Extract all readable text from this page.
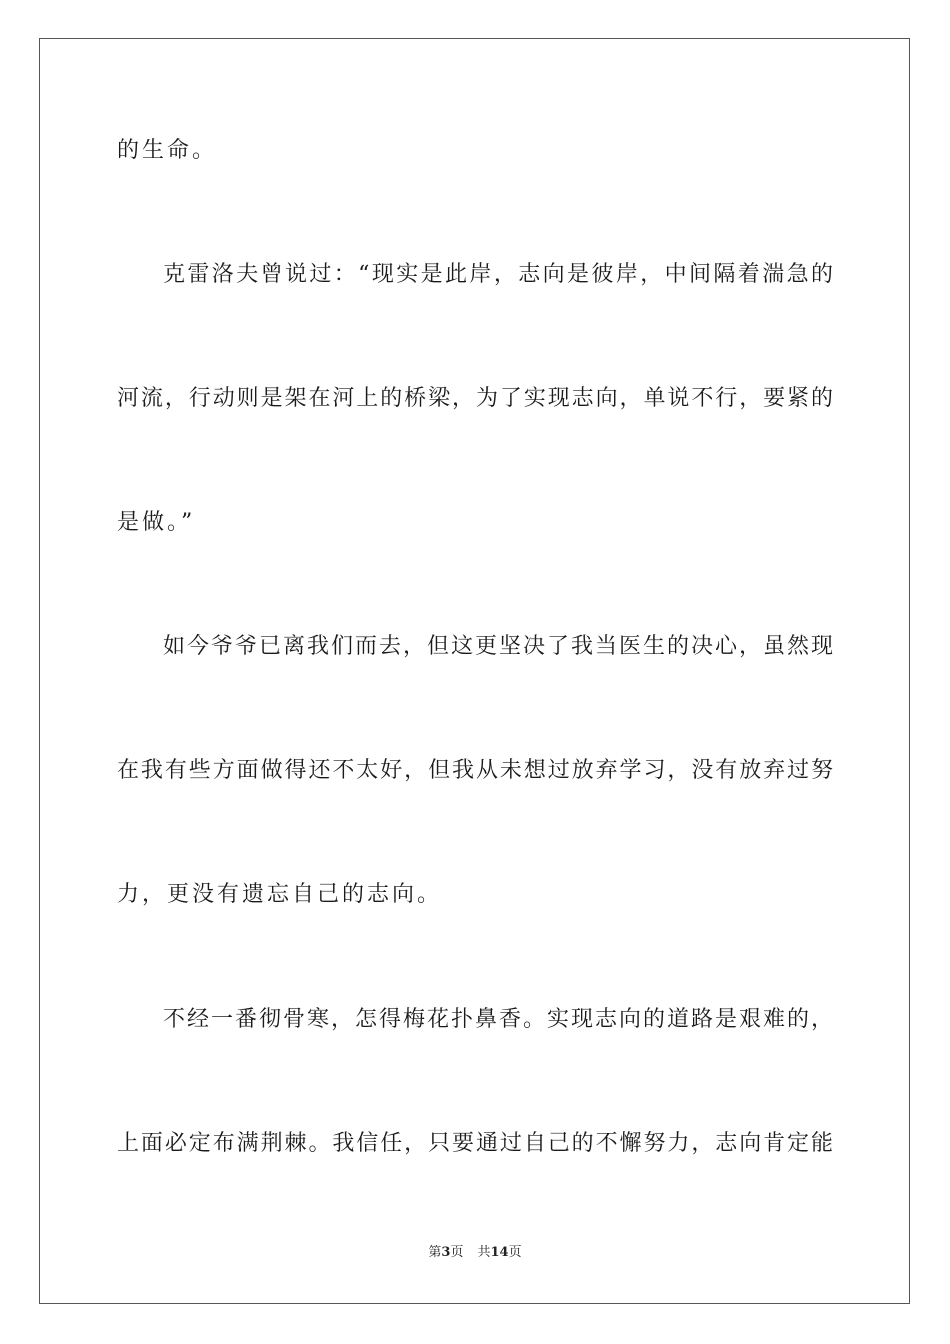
的生命。
克雷洛夫曾说过：“现实是此岸，志向是彼岸，中间隔着湍急的
河流，行动则是架在河上的桥梁，为了实现志向，单说不行，要紧的
是做。”
如今爷爷已离我们而去，但这更坚决了我当医生的决心，虽然现
在我有些方面做得还不太好，但我从未想过放弃学习，没有放弃过努
力，更没有遗忘自己的志向。
不经一番彻骨寒，怎得梅花扑鼻香。实现志向的道路是艰难的，
上面必定布满荆棘。我信任，只要通过自己的不懈努力，志向肯定能
第3页 共14页
